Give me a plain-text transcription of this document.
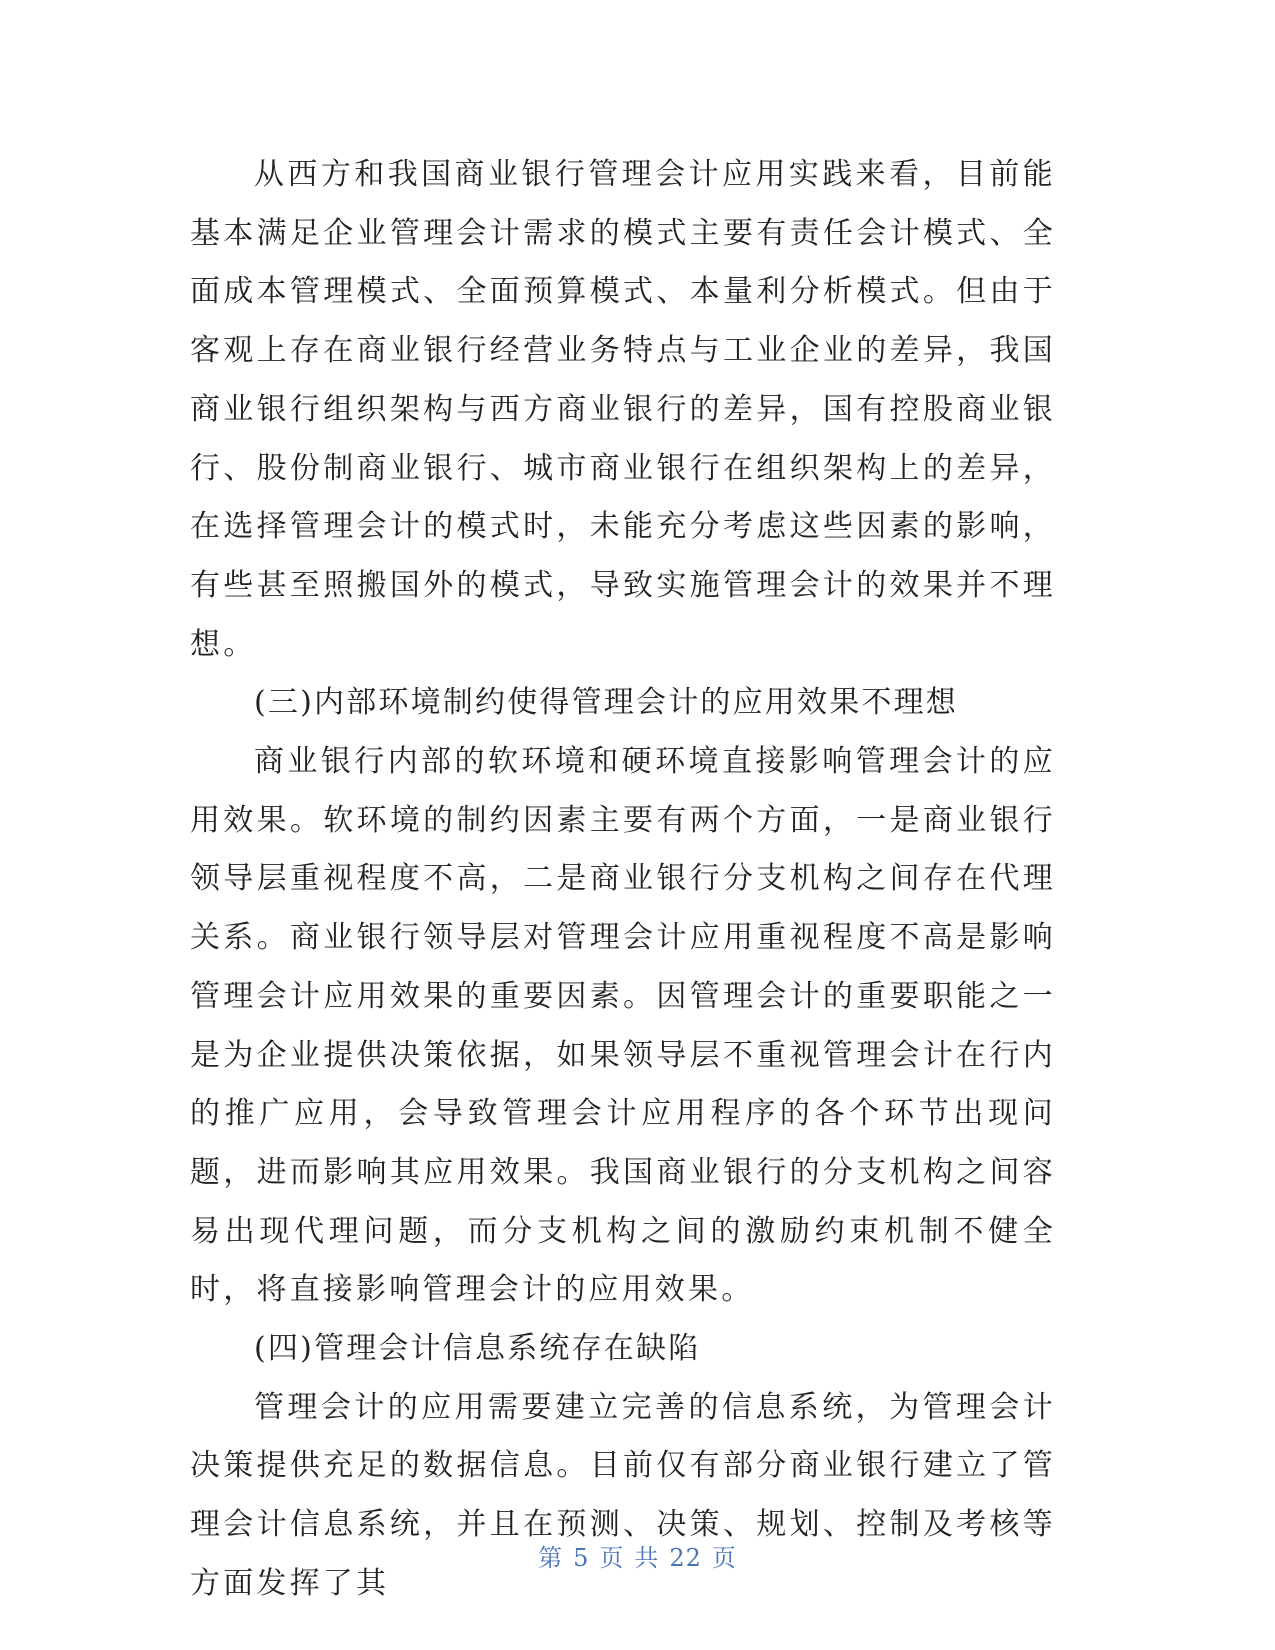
从西方和我国商业银行管理会计应用实践来看，目前能基本满足企业管理会计需求的模式主要有责任会计模式、全面成本管理模式、全面预算模式、本量利分析模式。但由于客观上存在商业银行经营业务特点与工业企业的差异，我国商业银行组织架构与西方商业银行的差异，国有控股商业银行、股份制商业银行、城市商业银行在组织架构上的差异，在选择管理会计的模式时，未能充分考虑这些因素的影响，有些甚至照搬国外的模式，导致实施管理会计的效果并不理想。

(三)内部环境制约使得管理会计的应用效果不理想

商业银行内部的软环境和硬环境直接影响管理会计的应用效果。软环境的制约因素主要有两个方面，一是商业银行领导层重视程度不高，二是商业银行分支机构之间存在代理关系。商业银行领导层对管理会计应用重视程度不高是影响管理会计应用效果的重要因素。因管理会计的重要职能之一是为企业提供决策依据，如果领导层不重视管理会计在行内的推广应用，会导致管理会计应用程序的各个环节出现问题，进而影响其应用效果。我国商业银行的分支机构之间容易出现代理问题，而分支机构之间的激励约束机制不健全时，将直接影响管理会计的应用效果。

(四)管理会计信息系统存在缺陷

管理会计的应用需要建立完善的信息系统，为管理会计决策提供充足的数据信息。目前仅有部分商业银行建立了管理会计信息系统，并且在预测、决策、规划、控制及考核等方面发挥了其

第 5 页 共 22 页
